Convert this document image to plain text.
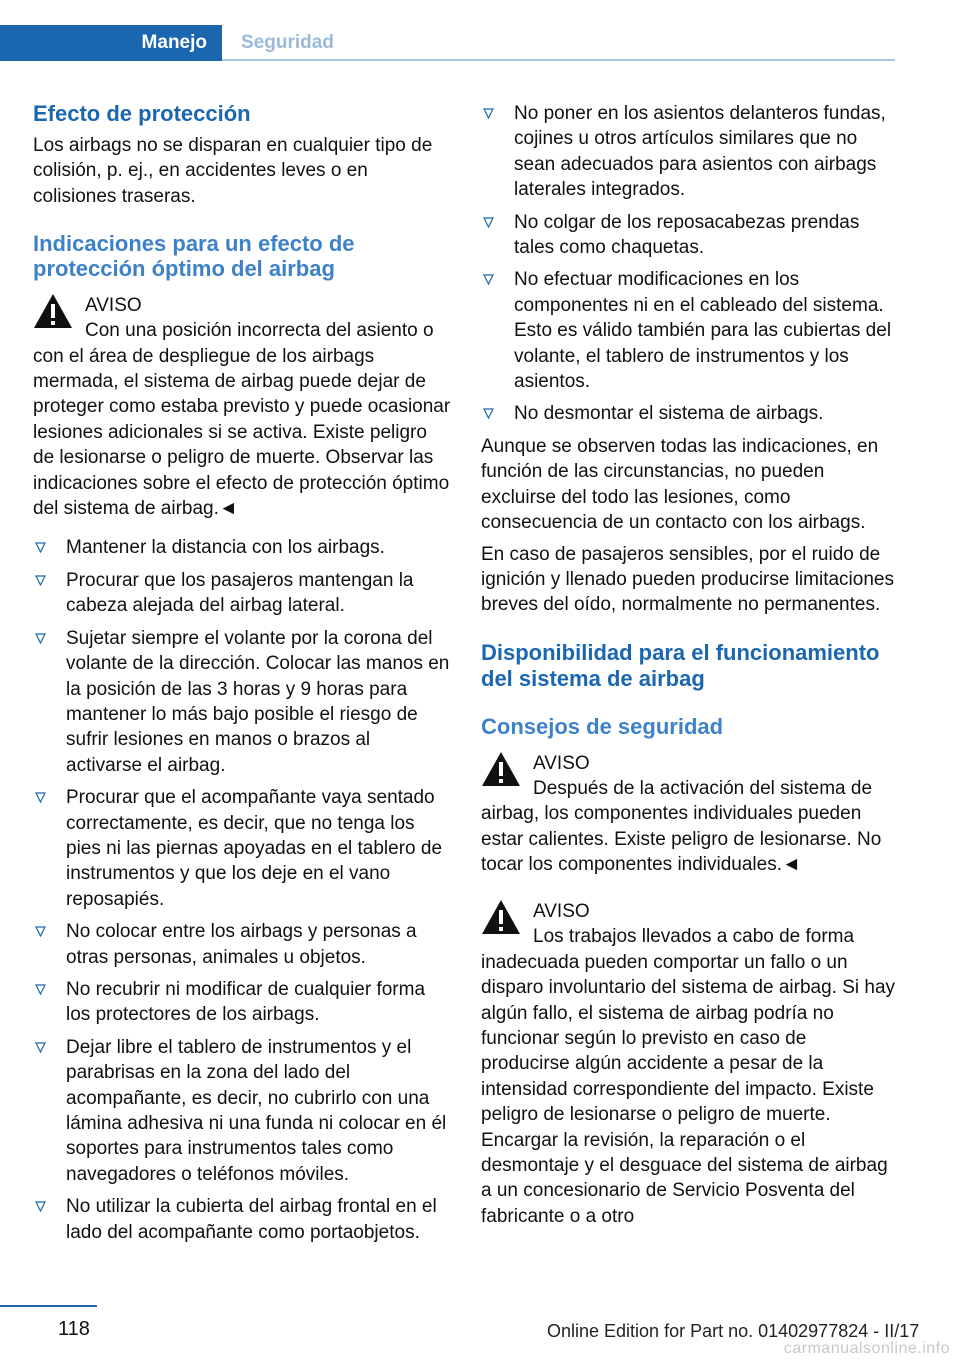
Manejo Seguridad
Efecto de protección

Los airbags no se disparan en cualquier tipo de colisión, p. ej., en accidentes leves o en colisiones traseras.

Indicaciones para un efecto de protección óptimo del airbag
AVISO
Con una posición incorrecta del asiento o
con el área de despliegue de los airbags mermada, el sistema de airbag puede dejar de proteger como estaba previsto y puede ocasionar lesiones adicionales si se activa. Existe peligro de lesionarse o peligro de muerte. Observar las indicaciones sobre el efecto de protección óptimo del sistema de airbag.◄
Mantener la distancia con los airbags.
Procurar que los pasajeros mantengan la cabeza alejada del airbag lateral.
Sujetar siempre el volante por la corona del volante de la dirección. Colocar las manos en la posición de las 3 horas y 9 horas para mantener lo más bajo posible el riesgo de sufrir lesiones en manos o brazos al activarse el airbag.
Procurar que el acompañante vaya sentado correctamente, es decir, que no tenga los pies ni las piernas apoyadas en el tablero de instrumentos y que los deje en el vano reposapiés.
No colocar entre los airbags y personas a otras personas, animales u objetos.
No recubrir ni modificar de cualquier forma los protectores de los airbags.
Dejar libre el tablero de instrumentos y el parabrisas en la zona del lado del acompañante, es decir, no cubrirlo con una lámina adhesiva ni una funda ni colocar en él soportes para instrumentos tales como navegadores o teléfonos móviles.
No utilizar la cubierta del airbag frontal en el lado del acompañante como portaobjetos.
No poner en los asientos delanteros fundas, cojines u otros artículos similares que no sean adecuados para asientos con airbags laterales integrados.
No colgar de los reposacabezas prendas tales como chaquetas.
No efectuar modificaciones en los componentes ni en el cableado del sistema. Esto es válido también para las cubiertas del volante, el tablero de instrumentos y los asientos.
No desmontar el sistema de airbags.

Aunque se observen todas las indicaciones, en función de las circunstancias, no pueden excluirse del todo las lesiones, como consecuencia de un contacto con los airbags.

En caso de pasajeros sensibles, por el ruido de ignición y llenado pueden producirse limitaciones breves del oído, normalmente no permanentes.

Disponibilidad para el funcionamiento del sistema de airbag
Consejos de seguridad
AVISO
Después de la activación del sistema de
airbag, los componentes individuales pueden estar calientes. Existe peligro de lesionarse. No tocar los componentes individuales.◄
AVISO
Los trabajos llevados a cabo de forma
inadecuada pueden comportar un fallo o un disparo involuntario del sistema de airbag. Si hay algún fallo, el sistema de airbag podría no funcionar según lo previsto en caso de producirse algún accidente a pesar de la intensidad correspondiente del impacto. Existe peligro de lesionarse o peligro de muerte. Encargar la revisión, la reparación o el desmontaje y el desguace del sistema de airbag a un concesionario de Servicio Posventa del fabricante o a otro
118	Online Edition for Part no. 01402977824 - II/17
carmanualsonline.info
